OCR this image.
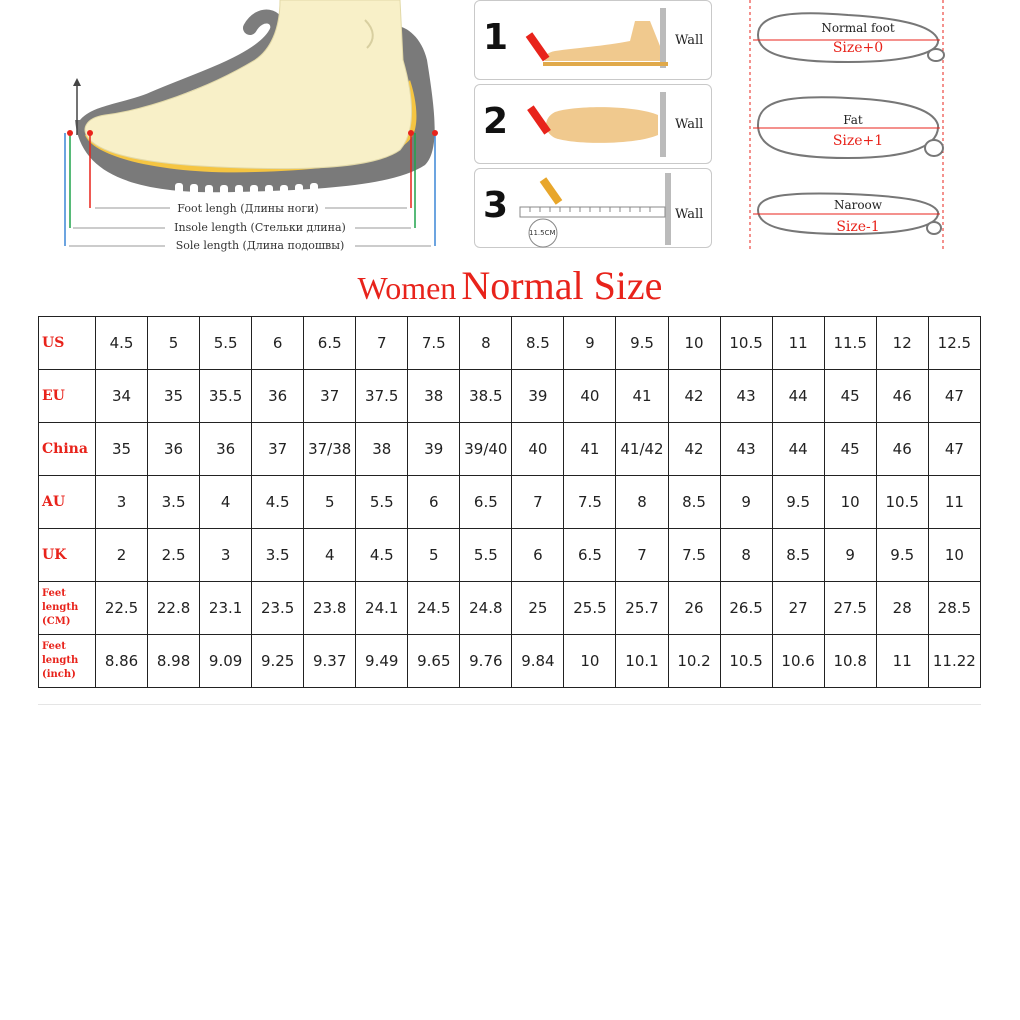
Foot lengh (Длины ноги)
Insole length (Стельки длина)
Sole length (Длина подошвы)
1	Wall
2	Wall
3
11.5CM
Wall
Normal foot
Size+0
Fat
Size+1
Naroow
Size-1
Women Normal Size
US	4.5	5	5.5	6	6.5	7	7.5	8	8.5	9	9.5	10	10.5	11	11.5	12	12.5
EU	34	35	35.5	36	37	37.5	38	38.5	39	40	41	42	43	44	45	46	47
China	35	36	36	37	37/38	38	39	39/40	40	41	41/42	42	43	44	45	46	47
AU	3	3.5	4	4.5	5	5.5	6	6.5	7	7.5	8	8.5	9	9.5	10	10.5	11
UK	2	2.5	3	3.5	4	4.5	5	5.5	6	6.5	7	7.5	8	8.5	9	9.5	10

Feet
length
(CM)	22.5	22.8	23.1	23.5	23.8	24.1	24.5	24.8	25	25.5	25.7	26	26.5	27	27.5	28	28.5

Feet
length
(inch)	8.86	8.98	9.09	9.25	9.37	9.49	9.65	9.76	9.84	10	10.1	10.2	10.5	10.6	10.8	11	11.22
